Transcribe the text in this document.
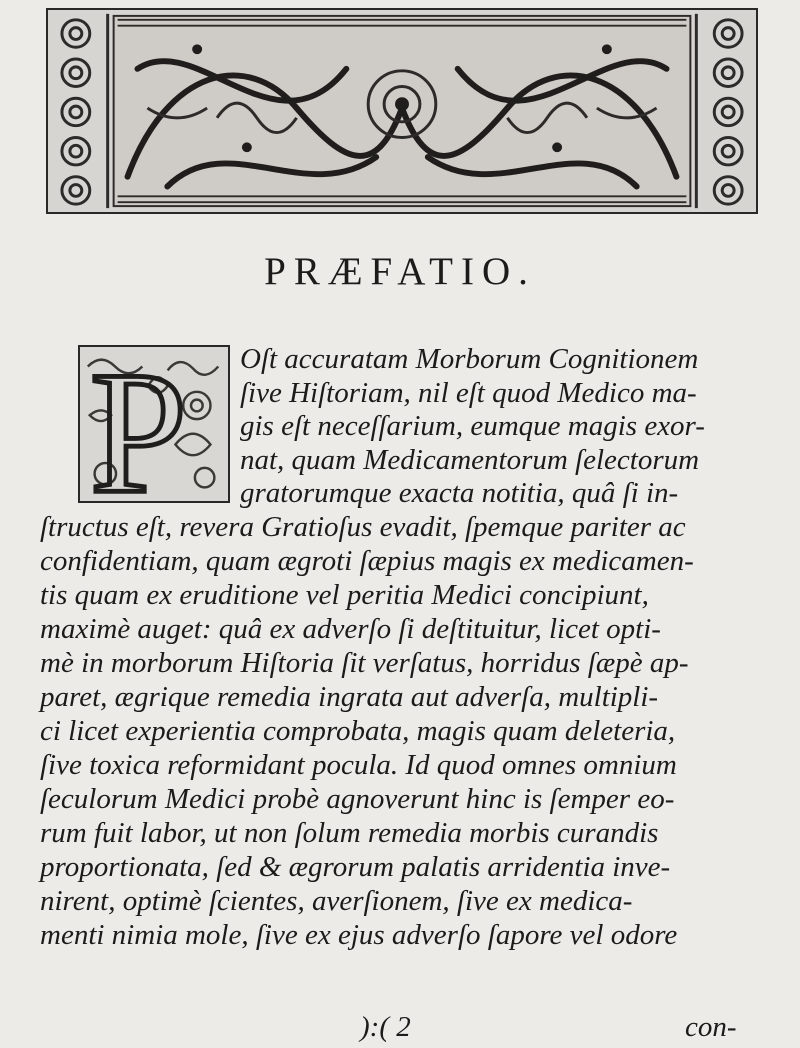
PRÆFATIO.
P Oſt accuratam Morborum Cognitionem

ſive Hiſtoriam, nil eſt quod Medico ma-

gis eſt neceſſarium, eumque magis exor-

nat, quam Medicamentorum ſelectorum

gratorumque exacta notitia, quâ ſi in-

ſtructus eſt, revera Gratioſus evadit, ſpemque pariter ac

confidentiam, quam ægroti ſæpius magis ex medicamen-

tis quam ex eruditione vel peritia Medici concipiunt,

maximè auget: quâ ex adverſo ſi deſtituitur, licet opti-

mè in morborum Hiſtoria ſit verſatus, horridus ſæpè ap-

paret, ægrique remedia ingrata aut adverſa, multipli-

ci licet experientia comprobata, magis quam deleteria,

ſive toxica reformidant pocula. Id quod omnes omnium

ſeculorum Medici probè agnoverunt hinc is ſemper eo-

rum fuit labor, ut non ſolum remedia morbis curandis

proportionata, ſed & ægrorum palatis arridentia inve-

nirent, optimè ſcientes, averſionem, ſive ex medica-

menti nimia mole, ſive ex ejus adverſo ſapore vel odore

):( 2	con-
